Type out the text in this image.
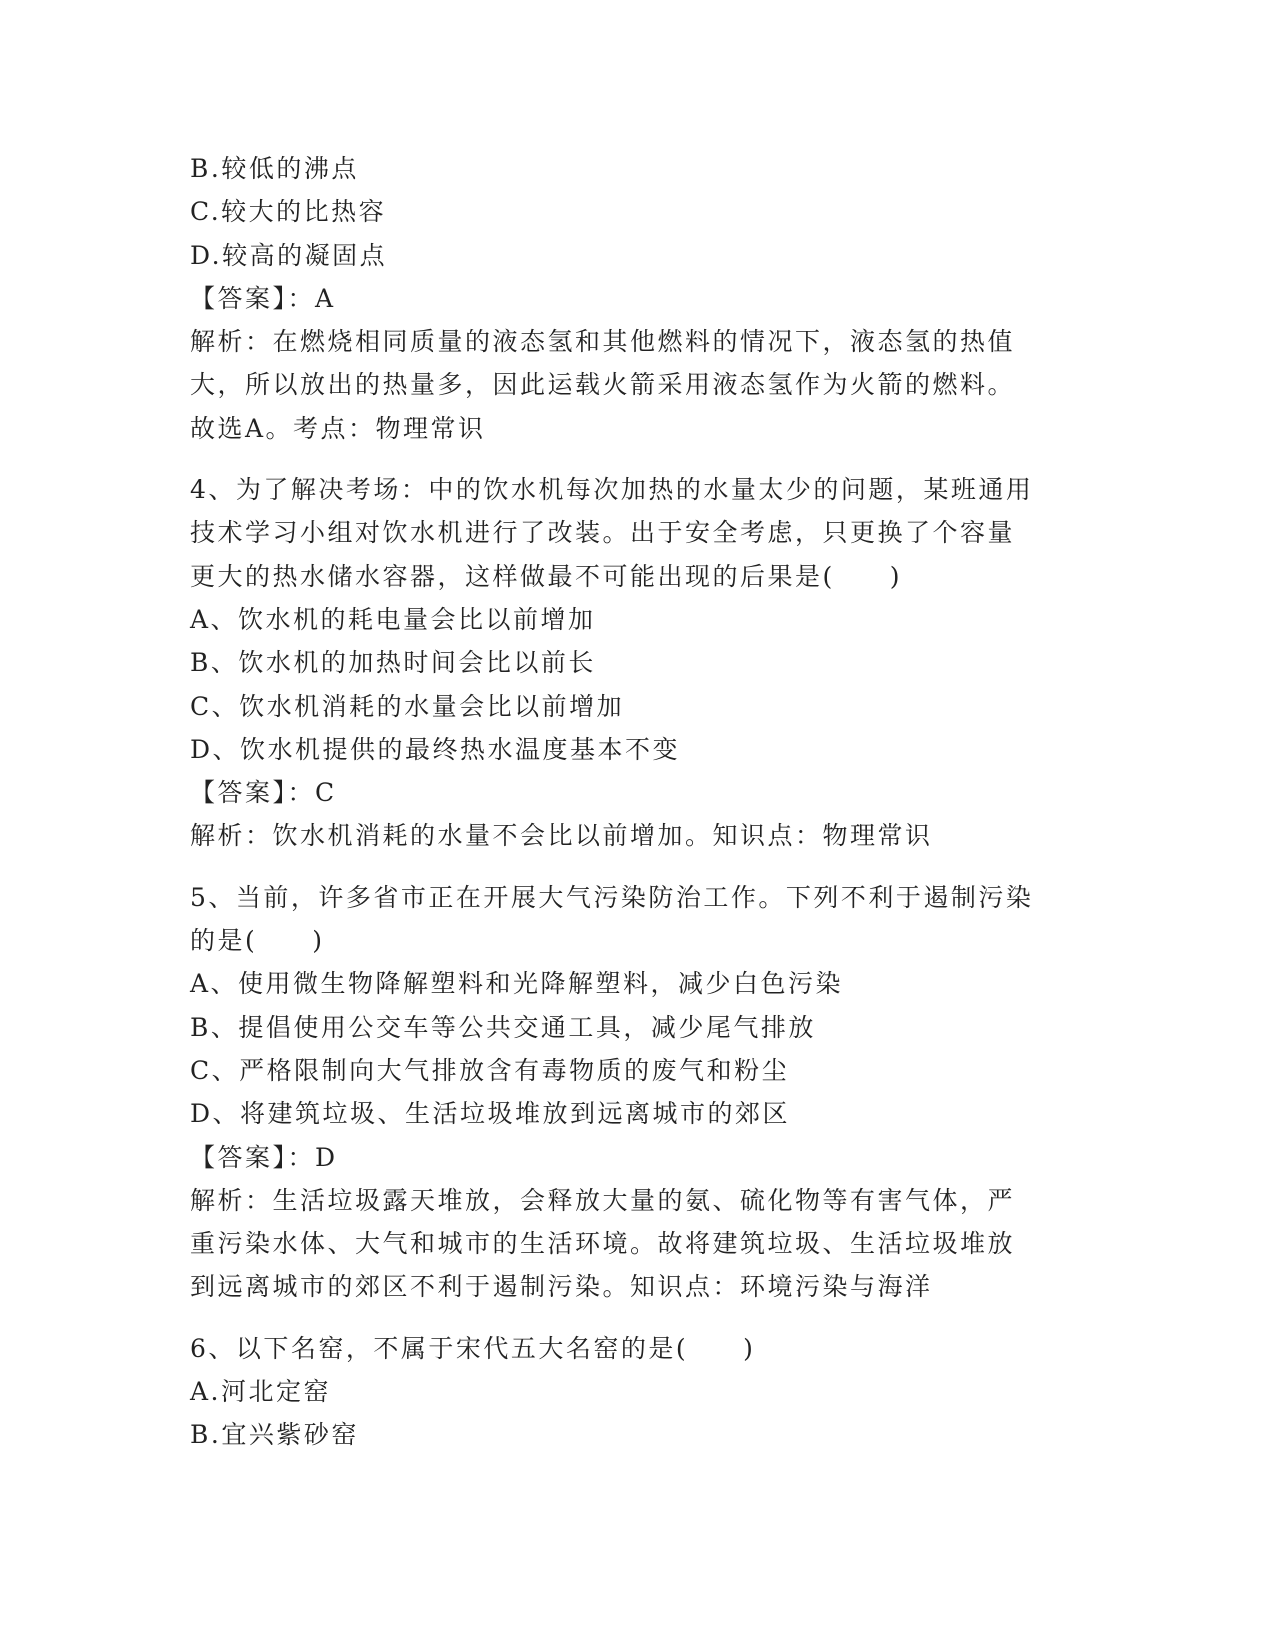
B.较低的沸点
C.较大的比热容
D.较高的凝固点
【答案】：A
解析：在燃烧相同质量的液态氢和其他燃料的情况下，液态氢的热值
大，所以放出的热量多，因此运载火箭采用液态氢作为火箭的燃料。
故选A。考点：物理常识
4、为了解决考场：中的饮水机每次加热的水量太少的问题，某班通用
技术学习小组对饮水机进行了改装。出于安全考虑，只更换了个容量
更大的热水储水容器，这样做最不可能出现的后果是(　　)
A、饮水机的耗电量会比以前增加
B、饮水机的加热时间会比以前长
C、饮水机消耗的水量会比以前增加
D、饮水机提供的最终热水温度基本不变
【答案】：C
解析：饮水机消耗的水量不会比以前增加。知识点：物理常识
5、当前，许多省市正在开展大气污染防治工作。下列不利于遏制污染
的是(　　)
A、使用微生物降解塑料和光降解塑料，减少白色污染
B、提倡使用公交车等公共交通工具，减少尾气排放
C、严格限制向大气排放含有毒物质的废气和粉尘
D、将建筑垃圾、生活垃圾堆放到远离城市的郊区
【答案】：D
解析：生活垃圾露天堆放，会释放大量的氨、硫化物等有害气体，严
重污染水体、大气和城市的生活环境。故将建筑垃圾、生活垃圾堆放
到远离城市的郊区不利于遏制污染。知识点：环境污染与海洋
6、以下名窑，不属于宋代五大名窑的是(　　)
A.河北定窑
B.宜兴紫砂窑
